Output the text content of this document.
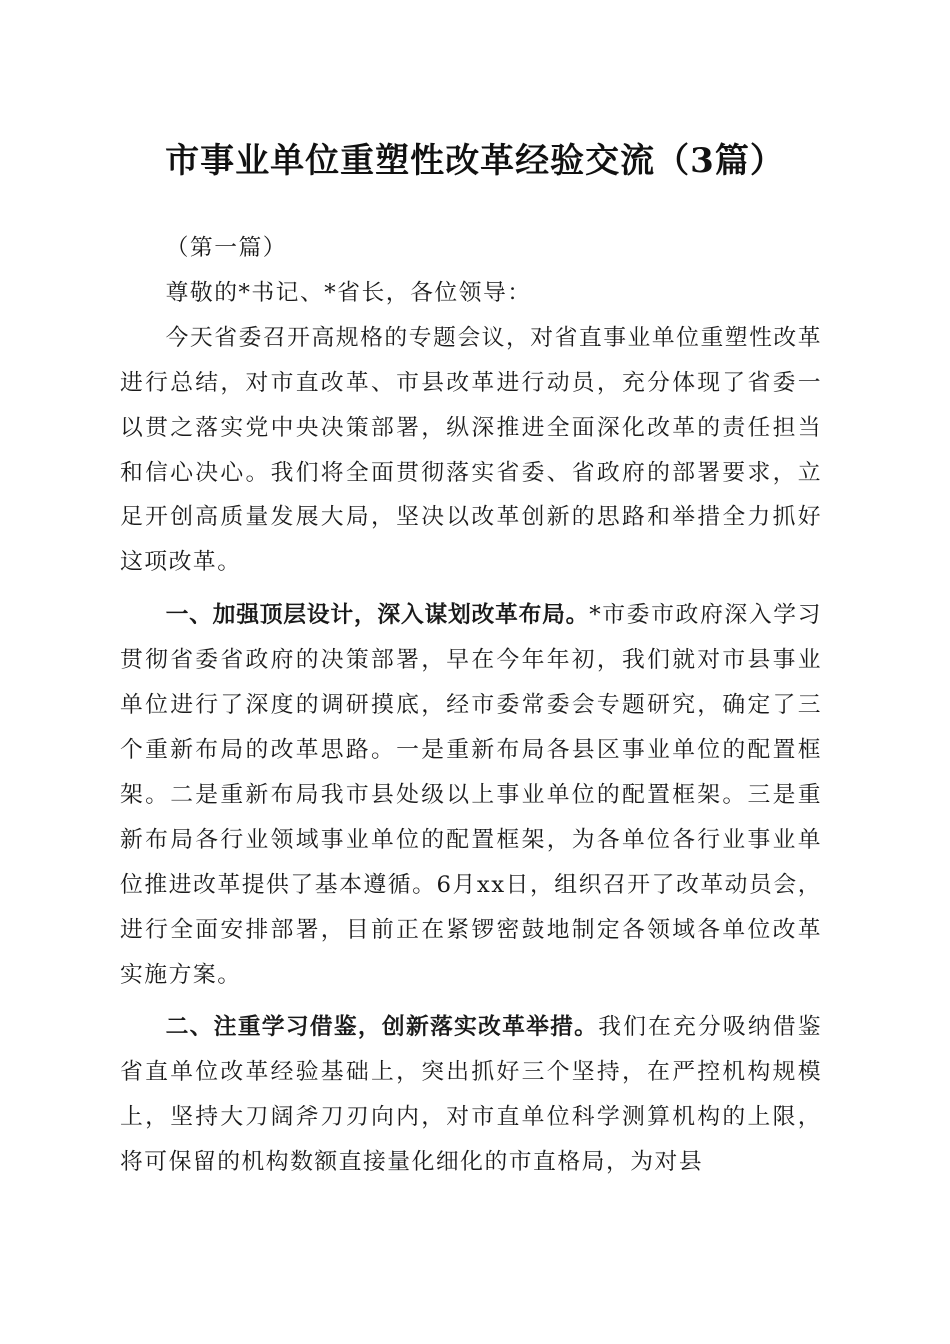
市事业单位重塑性改革经验交流（3篇）

（第一篇）

尊敬的*书记、*省长，各位领导：

今天省委召开高规格的专题会议，对省直事业单位重塑性改革进行总结，对市直改革、市县改革进行动员，充分体现了省委一以贯之落实党中央决策部署，纵深推进全面深化改革的责任担当和信心决心。我们将全面贯彻落实省委、省政府的部署要求，立足开创高质量发展大局，坚决以改革创新的思路和举措全力抓好这项改革。

一、加强顶层设计，深入谋划改革布局。*市委市政府深入学习贯彻省委省政府的决策部署，早在今年年初，我们就对市县事业单位进行了深度的调研摸底，经市委常委会专题研究，确定了三个重新布局的改革思路。一是重新布局各县区事业单位的配置框架。二是重新布局我市县处级以上事业单位的配置框架。三是重新布局各行业领域事业单位的配置框架，为各单位各行业事业单位推进改革提供了基本遵循。6月xx日，组织召开了改革动员会，进行全面安排部署，目前正在紧锣密鼓地制定各领域各单位改革实施方案。

二、注重学习借鉴，创新落实改革举措。我们在充分吸纳借鉴省直单位改革经验基础上，突出抓好三个坚持，在严控机构规模上，坚持大刀阔斧刀刃向内，对市直单位科学测算机构的上限，将可保留的机构数额直接量化细化的市直格局，为对县
